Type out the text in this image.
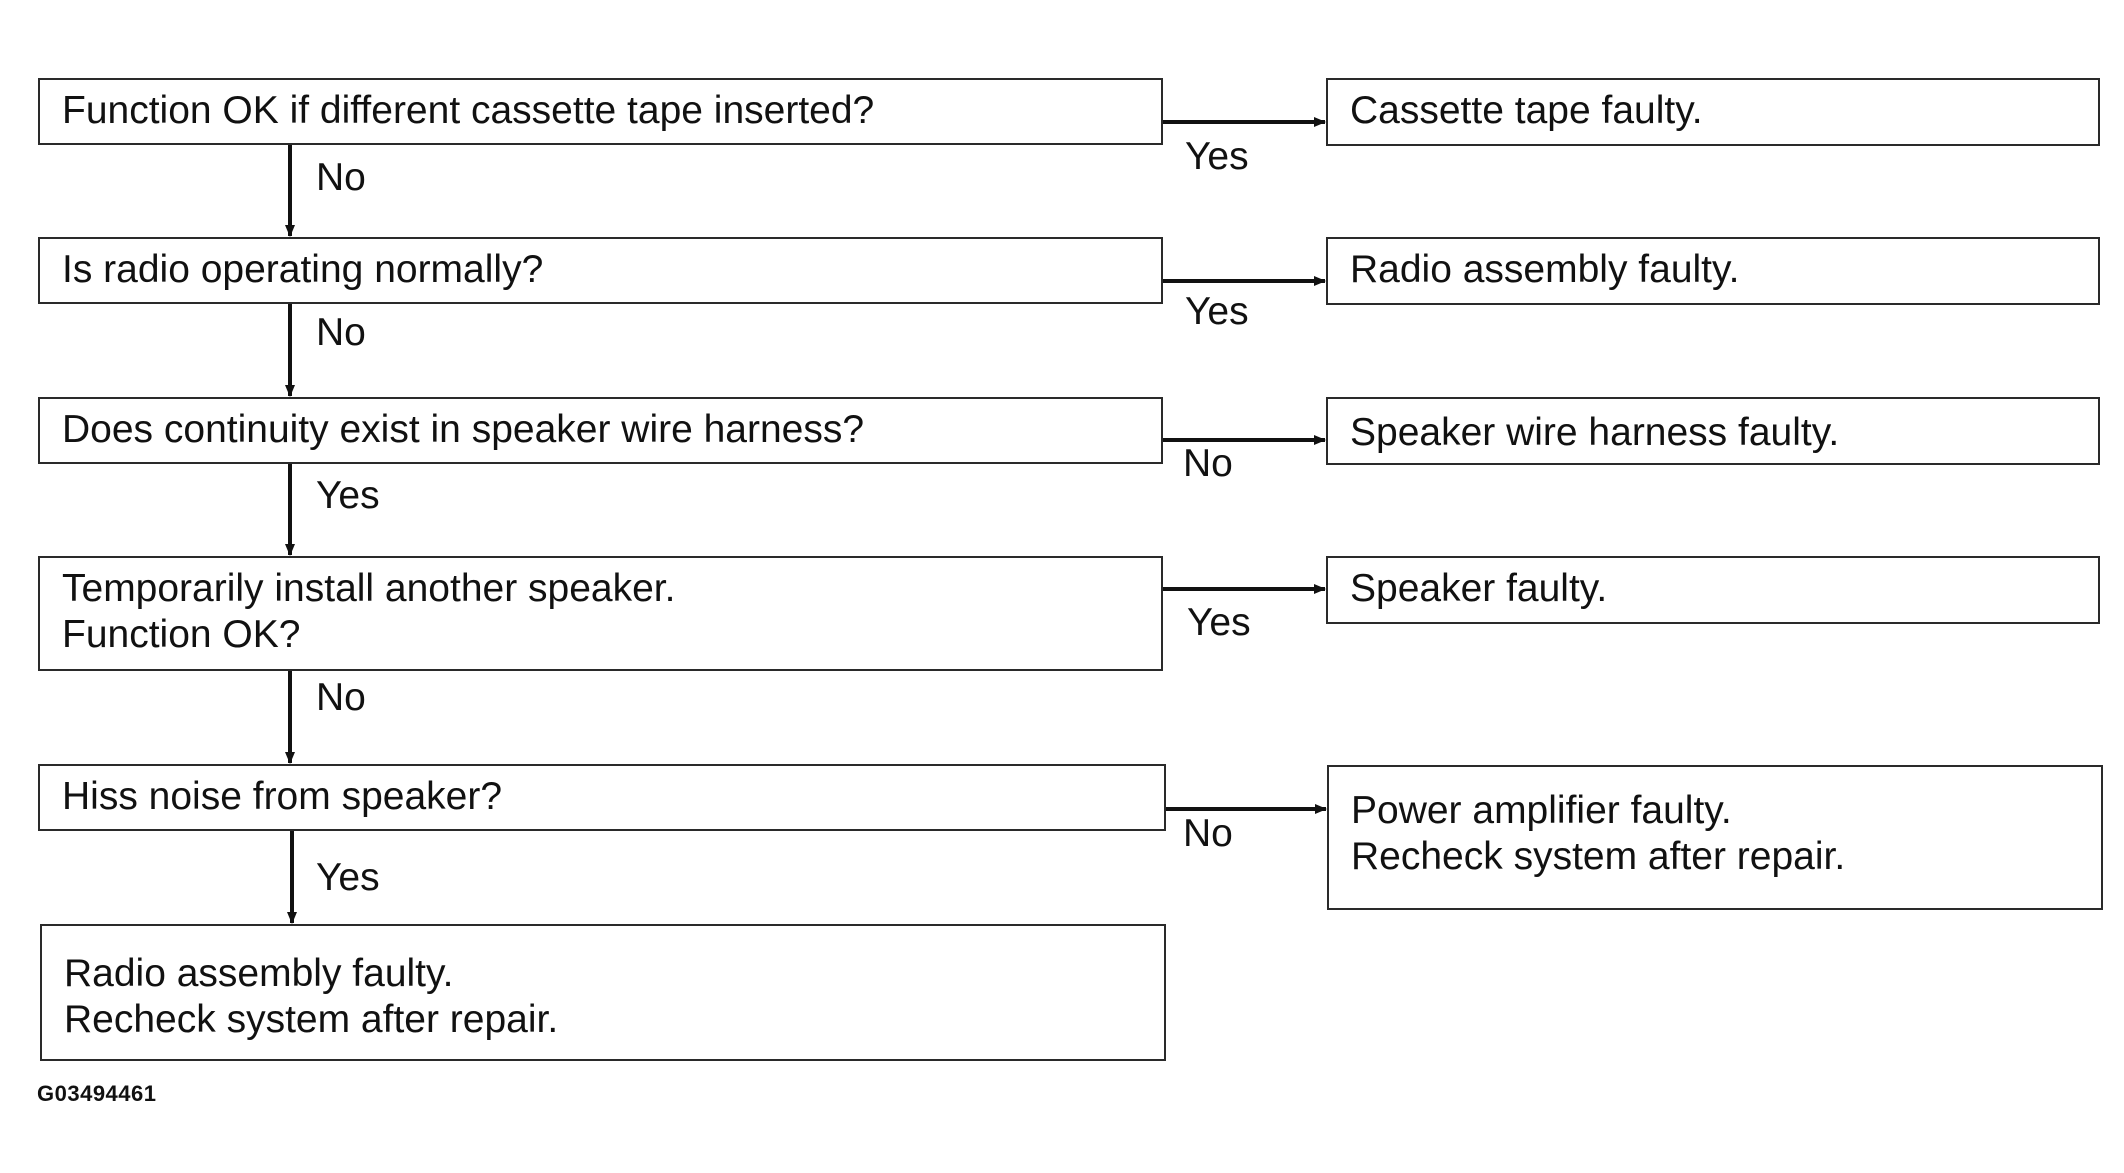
Function OK if different cassette tape inserted?
Is radio operating normally?
Does continuity exist in speaker wire harness?
Temporarily install another speaker.
Function OK?
Hiss noise from speaker?
Radio assembly faulty.
Recheck system after repair.
Cassette tape faulty.
Radio assembly faulty.
Speaker wire harness faulty.
Speaker faulty.
Power amplifier faulty.
Recheck system after repair.
No	Yes
No	Yes
Yes
No
No
Yes
Yes
No
G03494461
